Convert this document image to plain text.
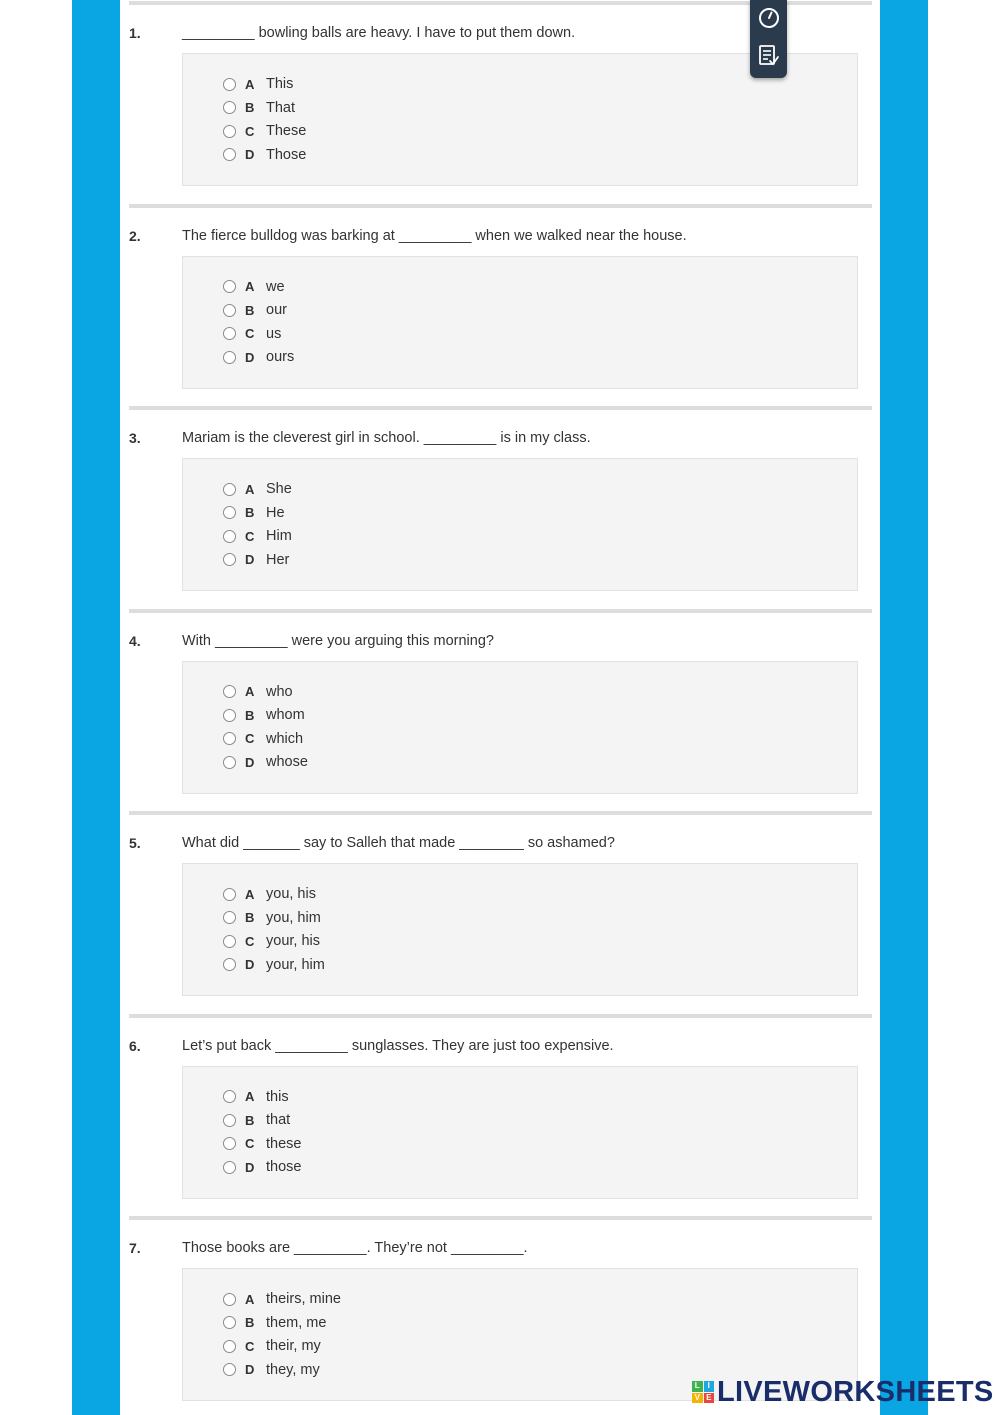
1.	_________ bowling balls are heavy. I have to put them down.
A This
B That
C These
D Those
2.	The fierce bulldog was barking at _________ when we walked near the house.
A we
B our
C us
D ours
3.	Mariam is the cleverest girl in school. _________ is in my class.
A She
B He
C Him
D Her
4.	With _________ were you arguing this morning?
A who
B whom
C which
D whose
5.	What did _______ say to Salleh that made ________ so ashamed?
A you, his
B you, him
C your, his
D your, him
6.	Let’s put back _________ sunglasses. They are just too expensive.
A this
B that
C these
D those
7.	Those books are _________. They’re not _________.
A theirs, mine
B them, me
C their, my
D they, my
L I
V E LIVEWORKSHEETS
